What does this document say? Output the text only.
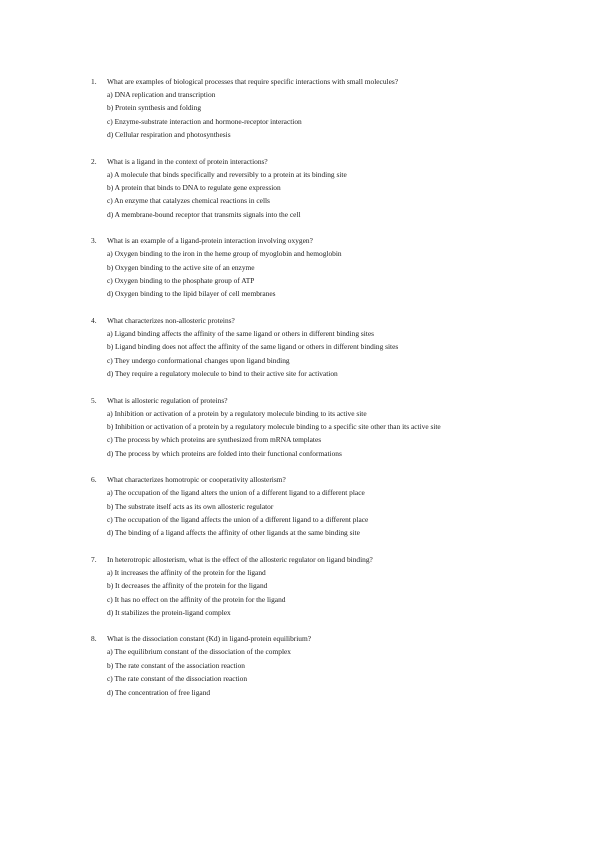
1. What are examples of biological processes that require specific interactions with small molecules?
a) DNA replication and transcription
b) Protein synthesis and folding
c) Enzyme-substrate interaction and hormone-receptor interaction
d) Cellular respiration and photosynthesis
2. What is a ligand in the context of protein interactions?
a) A molecule that binds specifically and reversibly to a protein at its binding site
b) A protein that binds to DNA to regulate gene expression
c) An enzyme that catalyzes chemical reactions in cells
d) A membrane-bound receptor that transmits signals into the cell
3. What is an example of a ligand-protein interaction involving oxygen?
a) Oxygen binding to the iron in the heme group of myoglobin and hemoglobin
b) Oxygen binding to the active site of an enzyme
c) Oxygen binding to the phosphate group of ATP
d) Oxygen binding to the lipid bilayer of cell membranes
4. What characterizes non-allosteric proteins?
a) Ligand binding affects the affinity of the same ligand or others in different binding sites
b) Ligand binding does not affect the affinity of the same ligand or others in different binding sites
c) They undergo conformational changes upon ligand binding
d) They require a regulatory molecule to bind to their active site for activation
5. What is allosteric regulation of proteins?
a) Inhibition or activation of a protein by a regulatory molecule binding to its active site
b) Inhibition or activation of a protein by a regulatory molecule binding to a specific site other than its active site
c) The process by which proteins are synthesized from mRNA templates
d) The process by which proteins are folded into their functional conformations
6. What characterizes homotropic or cooperativity allosterism?
a) The occupation of the ligand alters the union of a different ligand to a different place
b) The substrate itself acts as its own allosteric regulator
c) The occupation of the ligand affects the union of a different ligand to a different place
d) The binding of a ligand affects the affinity of other ligands at the same binding site
7. In heterotropic allosterism, what is the effect of the allosteric regulator on ligand binding?
a) It increases the affinity of the protein for the ligand
b) It decreases the affinity of the protein for the ligand
c) It has no effect on the affinity of the protein for the ligand
d) It stabilizes the protein-ligand complex
8. What is the dissociation constant (Kd) in ligand-protein equilibrium?
a) The equilibrium constant of the dissociation of the complex
b) The rate constant of the association reaction
c) The rate constant of the dissociation reaction
d) The concentration of free ligand
